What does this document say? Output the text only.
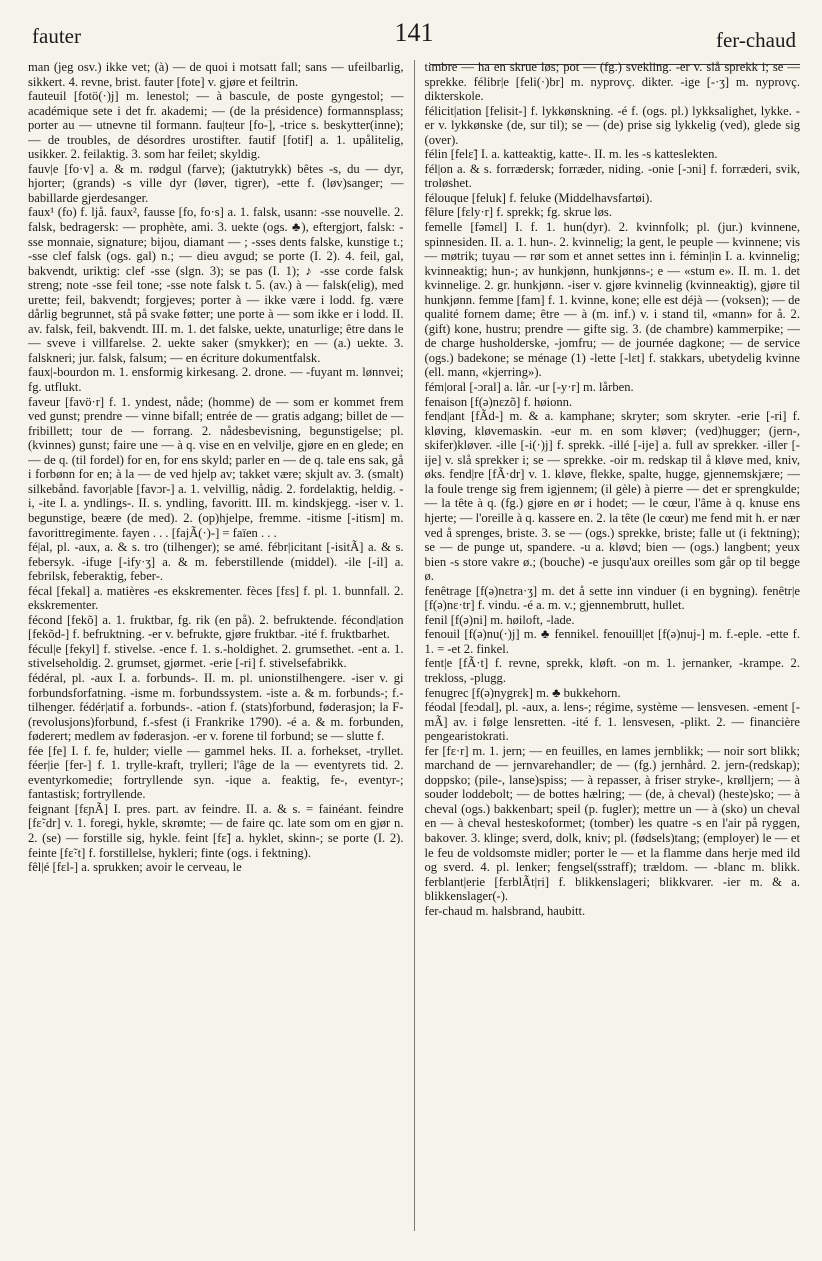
fauter	141	fer-chaud

man (jeg osv.) ikke vet; (à) — de quoi i motsatt fall; sans — ufeilbarlig, sikkert. 4. revne, brist. fauter [fote] v. gjøre et feiltrin.

fauteuil [fotö(·)j] m. lenestol; — à bascule, de poste gyngestol; — académique sete i det fr. akademi; — (de la présidence) formannsplass; porter au — utnevne til formann. fau|teur [fo-], -trice s. beskytter(inne); — de troubles, de désordres urostifter. fautif [fotif] a. 1. upålitelig, usikker. 2. feilaktig. 3. som har feilet; skyldig.

fauv|e [fo·v] a. & m. rødgul (farve); (jaktutrykk) bêtes -s, du — dyr, hjorter; (grands) -s ville dyr (løver, tigrer), -ette f. (løv)sanger; — babillarde gjerdesanger.

faux¹ (fo) f. ljå. faux², fausse [fo, fo·s] a. 1. falsk, usann: -sse nouvelle. 2. falsk, bedragersk: — prophète, ami. 3. uekte (ogs. ♣), eftergjort, falsk: -sse monnaie, signature; bijou, diamant — ; -sses dents falske, kunstige t.; -sse clef falsk (ogs. gal) n.; — dieu avgud; se porte (I. 2). 4. feil, gal, bakvendt, uriktig: clef -sse (slgn. 3); se pas (I. 1); ♪ -sse corde falsk streng; note -sse feil tone; -sse note falsk t. 5. (av.) à — falsk(elig), med urette; feil, bakvendt; forgjeves; porter à — ikke være i lodd. fg. være dårlig begrunnet, stå på svake føtter; une porte à — som ikke er i lodd. II. av. falsk, feil, bakvendt. III. m. 1. det falske, uekte, unaturlige; être dans le — sveve i villfarelse. 2. uekte saker (smykker); en — (a.) uekte. 3. falskneri; jur. falsk, falsum; — en écriture dokumentfalsk.

faux|-bourdon m. 1. ensformig kirkesang. 2. drone. — -fuyant m. lønnvei; fg. utflukt.

faveur [favö·r] f. 1. yndest, nåde; (homme) de — som er kommet frem ved gunst; prendre — vinne bifall; entrée de — gratis adgang; billet de — fribillett; tour de — forrang. 2. nådesbevisning, begunstigelse; pl. (kvinnes) gunst; faire une — à q. vise en en velvilje, gjøre en en glede; en — de q. (til fordel) for en, for ens skyld; parler en — de q. tale ens sak, gå i forbønn for en; à la — de ved hjelp av; takket være; skjult av. 3. (smalt) silkebånd. favor|able [favɔr-] a. 1. velvillig, nådig. 2. fordelaktig, heldig. -i, -ite I. a. yndlings-. II. s. yndling, favoritt. III. m. kindskjegg. -iser v. 1. begunstige, beære (de med). 2. (op)hjelpe, fremme. -itisme [-itism] m. favorittregimente. fayen . . . [fajÃ(·)-] = faïen . . .

fé|al, pl. -aux, a. & s. tro (tilhenger); se amé. fébr|icitant [-isitÃ] a. & s. febersyk. -ifuge [-ify·ʒ] a. & m. feberstillende (middel). -ile [-il] a. febrilsk, feberaktig, feber-.

fécal [fekal] a. matières -es ekskrementer. fèces [fɛs] f. pl. 1. bunnfall. 2. ekskrementer.

fécond [fekõ] a. 1. fruktbar, fg. rik (en på). 2. befruktende. fécond|ation [fekõd-] f. befruktning. -er v. befrukte, gjøre fruktbar. -ité f. fruktbarhet.

fécul|e [fekyl] f. stivelse. -ence f. 1. s.-holdighet. 2. grumsethet. -ent a. 1. stivelseholdig. 2. grumset, gjørmet. -erie [-ri] f. stivelsefabrikk.

fédéral, pl. -aux I. a. forbunds-. II. m. pl. unionstilhengere. -iser v. gi forbundsforfatning. -isme m. forbundssystem. -iste a. & m. forbunds-; f.-tilhenger. fédér|atif a. forbunds-. -ation f. (stats)forbund, føderasjon; la F- (revolusjons)forbund, f.-sfest (i Frankrike 1790). -é a. & m. forbunden, føderert; medlem av føderasjon. -er v. forene til forbund; se — slutte f.

fée [fe] I. f. fe, hulder; vielle — gammel heks. II. a. forhekset, -tryllet. féer|ie [fer-] f. 1. trylle-kraft, trylleri; l'âge de la — eventyrets tid. 2. eventyrkomedie; fortryllende syn. -ique a. feaktig, fe-, eventyr-; fantastisk; fortryllende.

feignant [fɛɲÃ] I. pres. part. av feindre. II. a. & s. = fainéant. feindre [fɛ̃·dr] v. 1. foregi, hykle, skrømte; — de faire qc. late som om en gjør n. 2. (se) — forstille sig, hykle. feint [fɛ̃] a. hyklet, skinn-; se porte (I. 2). feinte [fɛ̃·t] f. forstillelse, hykleri; finte (ogs. i fektning).

fêl|é [fɛl-] a. sprukken; avoir le cerveau, le

timbre — ha en skrue løs; pot — (fg.) svekling. -er v. slå sprekk i; se — sprekke. félibr|e [feli(·)br] m. nyprovç. dikter. -ige [-·ʒ] m. nyprovç. dikterskole.

félicit|ation [felisit-] f. lykkønskning. -é f. (ogs. pl.) lykksalighet, lykke. -er v. lykkønske (de, sur til); se — (de) prise sig lykkelig (ved), glede sig (over).

félin [felɛ̃] I. a. katteaktig, katte-. II. m. les -s katteslekten.

fél|on a. & s. forrædersk; forræder, niding. -onie [-ɔni] f. forræderi, svik, troløshet.

félouque [feluk] f. feluke (Middelhavsfartøi).

fêlure [fɛly·r] f. sprekk; fg. skrue løs.

femelle [fəmɛl] I. f. 1. hun(dyr). 2. kvinnfolk; pl. (jur.) kvinnene, spinnesiden. II. a. 1. hun-. 2. kvinnelig; la gent, le peuple — kvinnene; vis — møtrik; tuyau — rør som et annet settes inn i. fémin|in I. a. kvinnelig; kvinneaktig; hun-; av hunkjønn, hunkjønns-; e — «stum e». II. m. 1. det kvinnelige. 2. gr. hunkjønn. -iser v. gjøre kvinnelig (kvinneaktig), gjøre til hunkjønn. femme [fam] f. 1. kvinne, kone; elle est déjà — (voksen); — de qualité fornem dame; être — à (m. inf.) v. i stand til, «mann» for å. 2. (gift) kone, hustru; prendre — gifte sig. 3. (de chambre) kammerpike; — de charge husholderske, -jomfru; — de journée dagkone; — de service (ogs.) badekone; se ménage (1) -lette [-lɛt] f. stakkars, ubetydelig kvinne (ell. mann, «kjerring»).

fém|oral [-ɔral] a. lår. -ur [-y·r] m. lårben.

fenaison [f(ə)nɛzõ] f. høionn.

fend|ant [fÃd-] m. & a. kamphane; skryter; som skryter. -erie [-ri] f. kløving, kløvemaskin. -eur m. en som kløver; (ved)hugger; (jern-, skifer)kløver. -ille [-i(·)j] f. sprekk. -illé [-ije] a. full av sprekker. -iller [-ije] v. slå sprekker i; se — sprekke. -oir m. redskap til å kløve med, kniv, øks. fend|re [fÃ·dr] v. 1. kløve, flekke, spalte, hugge, gjennemskjære; — la foule trenge sig frem igjennem; (il gèle) à pierre — det er sprengkulde; — la tête à q. (fg.) gjøre en ør i hodet; — le cœur, l'âme à q. knuse ens hjerte; — l'oreille à q. kassere en. 2. la tête (le cœur) me fend mit h. er nær ved å sprenges, briste. 3. se — (ogs.) sprekke, briste; falle ut (i fektning); se — de punge ut, spandere. -u a. kløvd; bien — (ogs.) langbent; yeux bien -s store vakre ø.; (bouche) -e jusqu'aux oreilles som går op til begge ø.

fenêtrage [f(ə)nɛtra·ʒ] m. det å sette inn vinduer (i en bygning). fenêtr|e [f(ə)nɛ·tr] f. vindu. -é a. m. v.; gjennembrutt, hullet.

fenil [f(ə)ni] m. høiloft, -lade.

fenouil [f(ə)nu(·)j] m. ♣ fennikel. fenouill|et [f(ə)nuj-] m. f.-eple. -ette f. 1. = -et 2. finkel.

fent|e [fÃ·t] f. revne, sprekk, kløft. -on m. 1. jernanker, -krampe. 2. trekloss, -plugg.

fenugrec [f(ə)nygrɛk] m. ♣ bukkehorn.

féodal [feɔdal], pl. -aux, a. lens-; régime, système — lensvesen. -ement [-mÃ] av. i følge lensretten. -ité f. 1. lensvesen, -plikt. 2. — financière pengearistokrati.

fer [fɛ·r] m. 1. jern; — en feuilles, en lames jernblikk; — noir sort blikk; marchand de — jernvarehandler; de — (fg.) jernhård. 2. jern-(redskap); doppsko; (pile-, lanse)spiss; — à repasser, à friser stryke-, krølljern; — à souder loddebolt; — de bottes hælring; — (de, à cheval) (heste)sko; — à cheval (ogs.) bakkenbart; speil (p. fugler); mettre un — à (sko) un cheval en — à cheval hesteskoformet; (tomber) les quatre -s en l'air på ryggen, bakover. 3. klinge; sverd, dolk, kniv; pl. (fødsels)tang; (employer) le — et le feu de voldsomste midler; porter le — et la flamme dans herje med ild og sverd. 4. pl. lenker; fengsel(sstraff); trældom. — -blanc m. blikk. ferblant|erie [fɛrblÃt|ri] f. blikkenslageri; blikkvarer. -ier m. & a. blikkenslager(-).

fer-chaud m. halsbrand, haubitt.
